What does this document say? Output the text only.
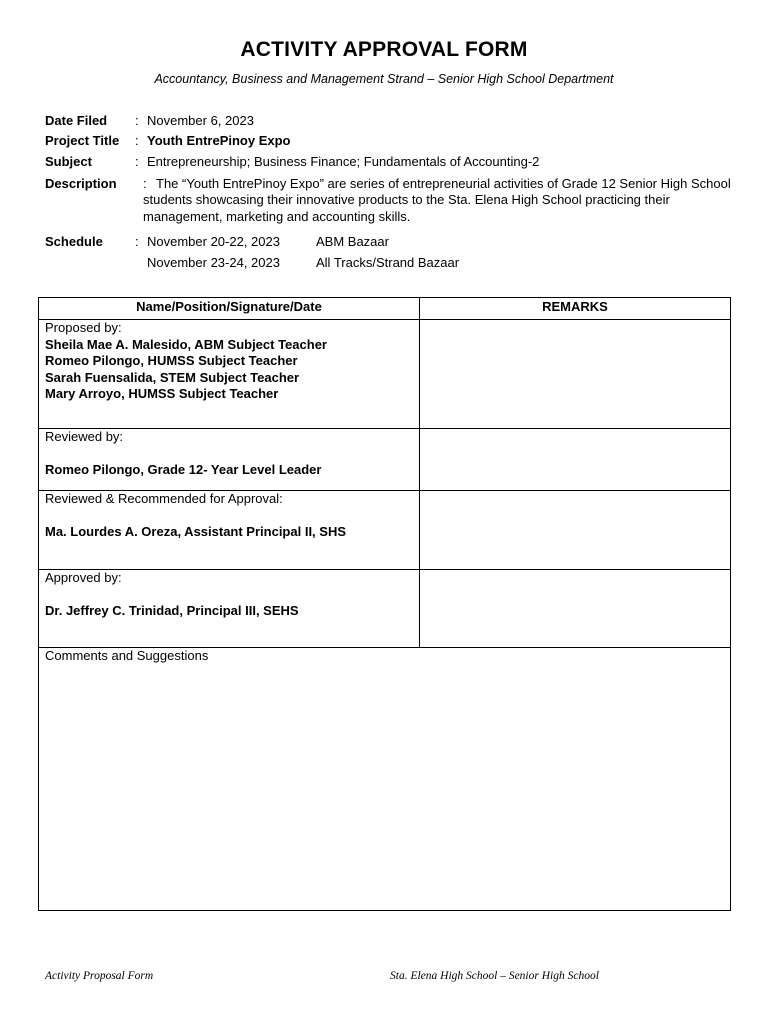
ACTIVITY APPROVAL FORM
Accountancy, Business and Management Strand – Senior High School Department
Date Filed : November 6, 2023
Project Title : Youth EntrePinoy Expo
Subject	: Entrepreneurship; Business Finance; Fundamentals of Accounting-2
Description : The “Youth EntrePinoy Expo” are series of entrepreneurial activities of Grade 12 Senior High School students showcasing their innovative products to the Sta. Elena High School practicing their management, marketing and accounting skills.
Schedule : November 20-22, 2023	ABM Bazaar
November 23-24, 2023	All Tracks/Strand Bazaar
Name/Position/Signature/Date	REMARKS

Proposed by:
Sheila Mae A. Malesido, ABM Subject Teacher
Romeo Pilongo, HUMSS Subject Teacher
Sarah Fuensalida, STEM Subject Teacher
Mary Arroyo, HUMSS Subject Teacher	

Reviewed by:
Romeo Pilongo, Grade 12- Year Level Leader	

Reviewed & Recommended for Approval:
Ma. Lourdes A. Oreza, Assistant Principal II, SHS	

Approved by:
Dr. Jeffrey C. Trinidad, Principal III, SEHS	

Comments and Suggestions	
Activity Proposal Form	Sta. Elena High School – Senior High School
